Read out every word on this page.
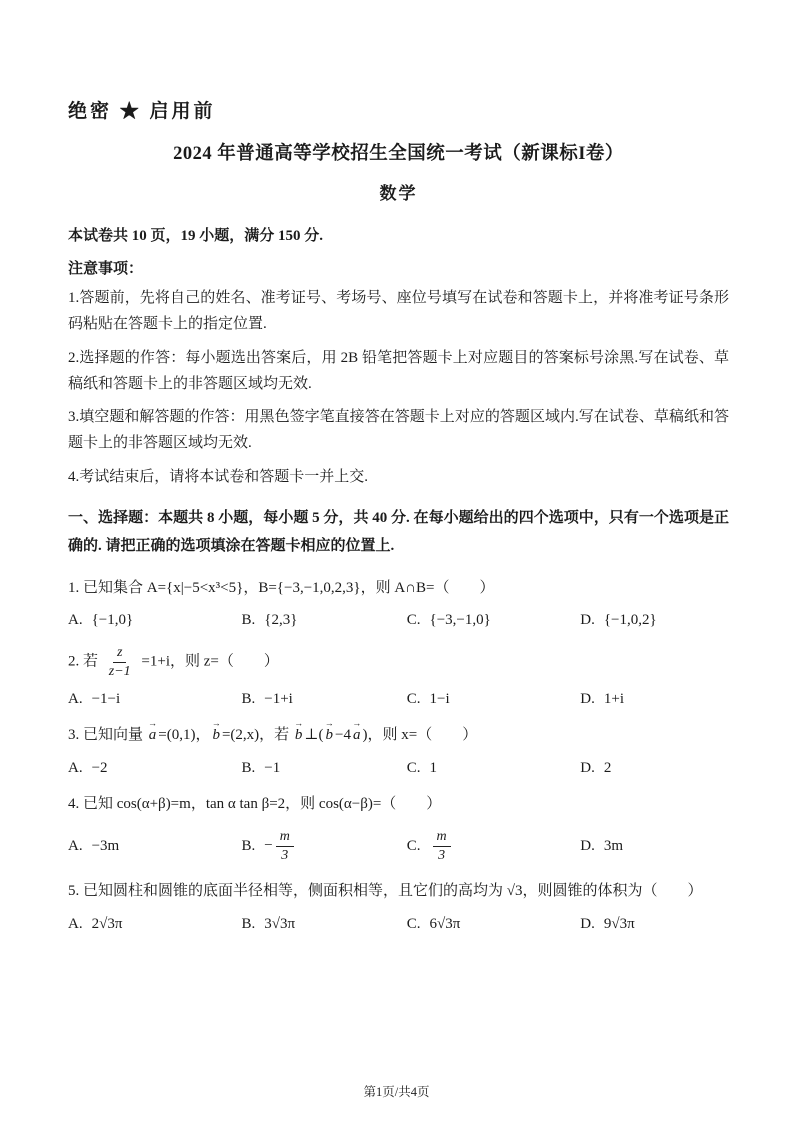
绝密 ★ 启用前
2024 年普通高等学校招生全国统一考试（新课标I卷）
数学

本试卷共 10 页，19 小题，满分 150 分.

注意事项：

1.答题前，先将自己的姓名、准考证号、考场号、座位号填写在试卷和答题卡上，并将准考证号条形码粘贴在答题卡上的指定位置.

2.选择题的作答：每小题选出答案后，用 2B 铅笔把答题卡上对应题目的答案标号涂黑.写在试卷、草稿纸和答题卡上的非答题区域均无效.

3.填空题和解答题的作答：用黑色签字笔直接答在答题卡上对应的答题区域内.写在试卷、草稿纸和答题卡上的非答题区域均无效.

4.考试结束后，请将本试卷和答题卡一并上交.

一、选择题：本题共 8 小题，每小题 5 分，共 40 分. 在每小题给出的四个选项中，只有一个选项是正确的. 请把正确的选项填涂在答题卡相应的位置上.

1. 已知集合 A={x|−5<x³<5}，B={−3,−1,0,2,3}，则 A∩B=（　　）

A. {−1,0}	B. {2,3}	C. {−3,−1,0}	D. {−1,0,2}

2. 若 $\frac{z}{z-1} =1+i$，则 z=（　　）

A. −1−i	B. −1+i	C. 1−i	D. 1+i

3. 已知向量 a → =(0,1)， b → =(2,x)，若 b → ⊥( b → −4 a → )，则 x=（　　）

A. −2	B. −1	C. 1	D. 2

4. 已知 cos(α+β)=m，tan α tan β=2，则 cos(α−β)=（　　）

A. −3m	B. − $\frac{m}{3}$	C. $\frac{m}{3}$	D. 3m

5. 已知圆柱和圆锥的底面半径相等，侧面积相等，且它们的高均为 √3，则圆锥的体积为（　　）

A. 2√3π	B. 3√3π	C. 6√3π	D. 9√3π
第1页/共4页
